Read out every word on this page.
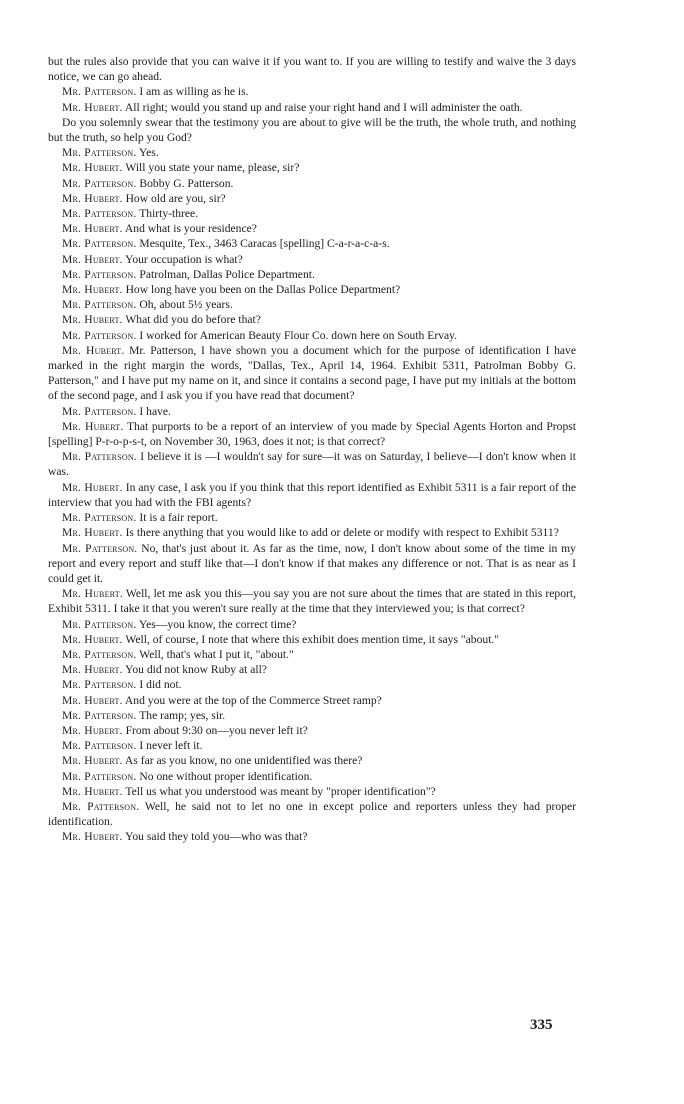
but the rules also provide that you can waive it if you want to. If you are willing to testify and waive the 3 days notice, we can go ahead.

Mr. Patterson. I am as willing as he is.

Mr. Hubert. All right; would you stand up and raise your right hand and I will administer the oath.

Do you solemnly swear that the testimony you are about to give will be the truth, the whole truth, and nothing but the truth, so help you God?

Mr. Patterson. Yes.

Mr. Hubert. Will you state your name, please, sir?

Mr. Patterson. Bobby G. Patterson.

Mr. Hubert. How old are you, sir?

Mr. Patterson. Thirty-three.

Mr. Hubert. And what is your residence?

Mr. Patterson. Mesquite, Tex., 3463 Caracas [spelling] C-a-r-a-c-a-s.

Mr. Hubert. Your occupation is what?

Mr. Patterson. Patrolman, Dallas Police Department.

Mr. Hubert. How long have you been on the Dallas Police Department?

Mr. Patterson. Oh, about 5½ years.

Mr. Hubert. What did you do before that?

Mr. Patterson. I worked for American Beauty Flour Co. down here on South Ervay.

Mr. Hubert. Mr. Patterson, I have shown you a document which for the purpose of identification I have marked in the right margin the words, "Dallas, Tex., April 14, 1964. Exhibit 5311, Patrolman Bobby G. Patterson," and I have put my name on it, and since it contains a second page, I have put my initials at the bottom of the second page, and I ask you if you have read that document?

Mr. Patterson. I have.

Mr. Hubert. That purports to be a report of an interview of you made by Special Agents Horton and Propst [spelling] P-r-o-p-s-t, on November 30, 1963, does it not; is that correct?

Mr. Patterson. I believe it is —I wouldn't say for sure—it was on Saturday, I believe—I don't know when it was.

Mr. Hubert. In any case, I ask you if you think that this report identified as Exhibit 5311 is a fair report of the interview that you had with the FBI agents?

Mr. Patterson. It is a fair report.

Mr. Hubert. Is there anything that you would like to add or delete or modify with respect to Exhibit 5311?

Mr. Patterson. No, that's just about it. As far as the time, now, I don't know about some of the time in my report and every report and stuff like that—I don't know if that makes any difference or not. That is as near as I could get it.

Mr. Hubert. Well, let me ask you this—you say you are not sure about the times that are stated in this report, Exhibit 5311. I take it that you weren't sure really at the time that they interviewed you; is that correct?

Mr. Patterson. Yes—you know, the correct time?

Mr. Hubert. Well, of course, I note that where this exhibit does mention time, it says "about."

Mr. Patterson. Well, that's what I put it, "about."

Mr. Hubert. You did not know Ruby at all?

Mr. Patterson. I did not.

Mr. Hubert. And you were at the top of the Commerce Street ramp?

Mr. Patterson. The ramp; yes, sir.

Mr. Hubert. From about 9:30 on—you never left it?

Mr. Patterson. I never left it.

Mr. Hubert. As far as you know, no one unidentified was there?

Mr. Patterson. No one without proper identification.

Mr. Hubert. Tell us what you understood was meant by "proper identification"?

Mr. Patterson. Well, he said not to let no one in except police and reporters unless they had proper identification.

Mr. Hubert. You said they told you—who was that?

335
